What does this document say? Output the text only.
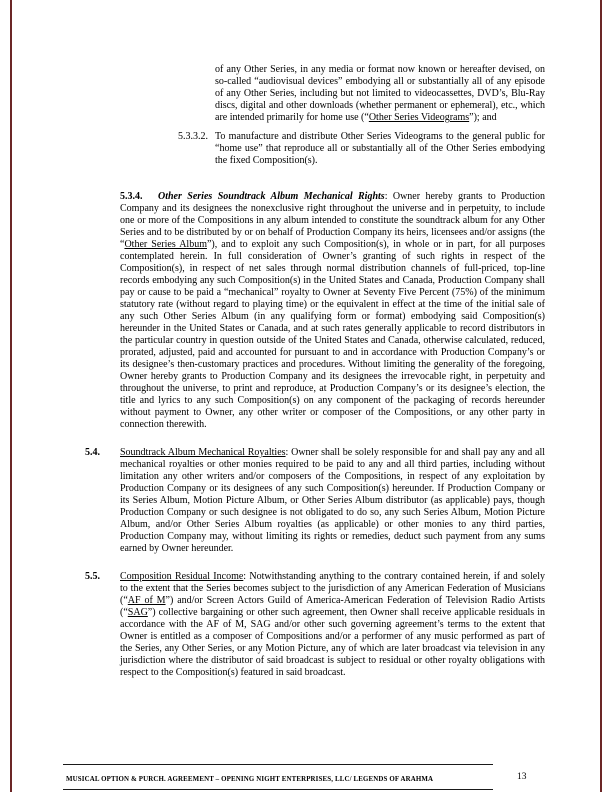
of any Other Series, in any media or format now known or hereafter devised, on so-called “audiovisual devices” embodying all or substantially all of any episode of any Other Series, including but not limited to videocassettes, DVD’s, Blu-Ray discs, digital and other downloads (whether permanent or ephemeral), etc., which are intended primarily for home use (“Other Series Videograms”); and

5.3.3.2. To manufacture and distribute Other Series Videograms to the general public for “home use” that reproduce all or substantially all of the Other Series embodying the fixed Composition(s).

5.3.4. Other Series Soundtrack Album Mechanical Rights: Owner hereby grants to Production Company and its designees the nonexclusive right throughout the universe and in perpetuity, to include one or more of the Compositions in any album intended to constitute the soundtrack album for any Other Series and to be distributed by or on behalf of Production Company its heirs, licensees and/or assigns (the “Other Series Album”), and to exploit any such Composition(s), in whole or in part, for all purposes contemplated herein. In full consideration of Owner’s granting of such rights in respect of the Composition(s), in respect of net sales through normal distribution channels of full-priced, top-line records embodying any such Composition(s) in the United States and Canada, Production Company shall pay or cause to be paid a “mechanical” royalty to Owner at Seventy Five Percent (75%) of the minimum statutory rate (without regard to playing time) or the equivalent in effect at the time of the initial sale of any such Other Series Album (in any qualifying form or format) embodying said Composition(s) hereunder in the United States or Canada, and at such rates generally applicable to record distributors in the particular country in question outside of the United States and Canada, otherwise calculated, reduced, prorated, adjusted, paid and accounted for pursuant to and in accordance with Production Company’s or its designee’s then-customary practices and procedures. Without limiting the generality of the foregoing, Owner hereby grants to Production Company and its designees the irrevocable right, in perpetuity and throughout the universe, to print and reproduce, at Production Company’s or its designee’s election, the title and lyrics to any such Composition(s) on any component of the packaging of records hereunder without payment to Owner, any other writer or composer of the Compositions, or any other party in connection therewith.

5.4. Soundtrack Album Mechanical Royalties: Owner shall be solely responsible for and shall pay any and all mechanical royalties or other monies required to be paid to any and all third parties, including without limitation any other writers and/or composers of the Compositions, in respect of any exploitation by Production Company or its designees of any such Composition(s) hereunder. If Production Company or its Series Album, Motion Picture Album, or Other Series Album distributor (as applicable) pays, though Production Company or such designee is not obligated to do so, any such Series Album, Motion Picture Album, and/or Other Series Album royalties (as applicable) or other monies to any third parties, Production Company may, without limiting its rights or remedies, deduct such payment from any sums earned by Owner hereunder.

5.5. Composition Residual Income: Notwithstanding anything to the contrary contained herein, if and solely to the extent that the Series becomes subject to the jurisdiction of any American Federation of Musicians (“AF of M”) and/or Screen Actors Guild of America-American Federation of Television Radio Artists (“SAG”) collective bargaining or other such agreement, then Owner shall receive applicable residuals in accordance with the AF of M, SAG and/or other such governing agreement’s terms to the extent that Owner is entitled as a composer of Compositions and/or a performer of any music performed as part of the Series, any Other Series, or any Motion Picture, any of which are later broadcast via television in any jurisdiction where the distributor of said broadcast is subject to residual or other royalty obligations with respect to the Composition(s) featured in said broadcast.

MUSICAL OPTION & PURCH. AGREEMENT – OPENING NIGHT ENTERPRISES, LLC/ LEGENDS OF ARAHMA	13
